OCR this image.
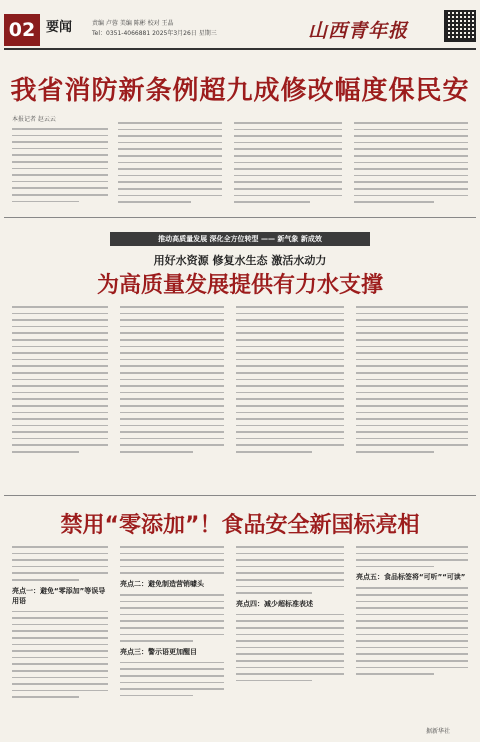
02 要闻	责编 卢蓉 美编 陈彬 校对 王晶
Tel：0351-4066881 2025年3月26日 星期三	山西青年报
我省消防新条例超九成修改幅度保民安
本报记者 赵云云
推动高质量发展 深化全方位转型 —— 新气象 新成效
用好水资源 修复水生态 激活水动力
为高质量发展提供有力水支撑
禁用“零添加”！食品安全新国标亮相
亮点一：避免“零添加”等误导用语
亮点二：避免制造营销噱头
亮点三：警示语更加醒目
亮点四：减少超标准表述
亮点五：食品标签将“可听”“可读”
据新华社
